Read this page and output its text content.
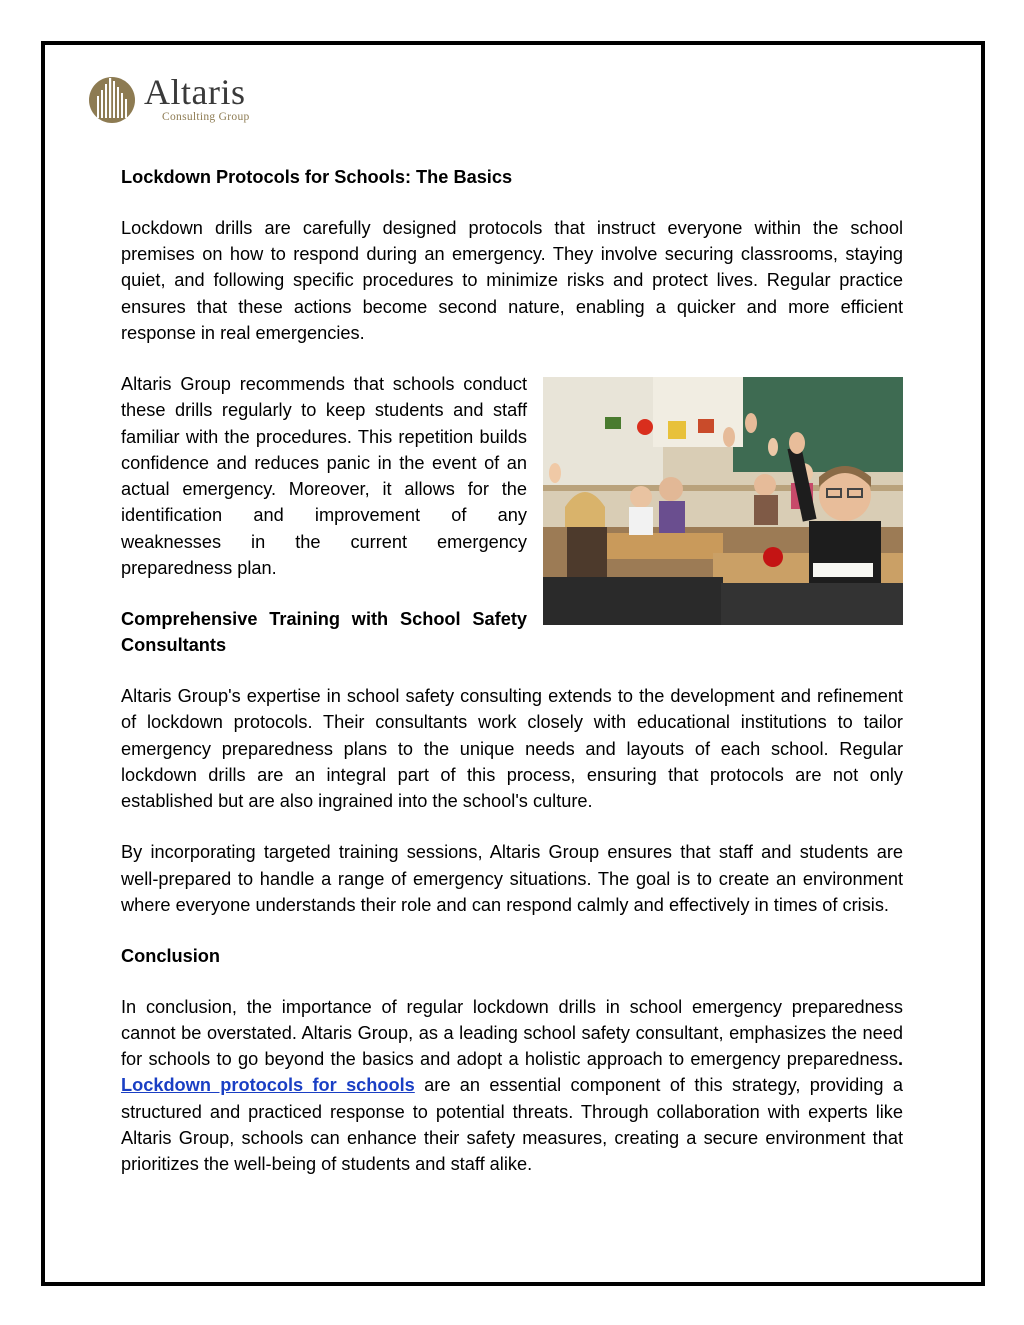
Altaris
Consulting Group
Lockdown Protocols for Schools: The Basics

Lockdown drills are carefully designed protocols that instruct everyone within the school premises on how to respond during an emergency. They involve securing classrooms, staying quiet, and following specific procedures to minimize risks and protect lives. Regular practice ensures that these actions become second nature, enabling a quicker and more efficient response in real emergencies.

Altaris Group recommends that schools conduct these drills regularly to keep students and staff familiar with the procedures. This repetition builds confidence and reduces panic in the event of an actual emergency. Moreover, it allows for the identification and improvement of any weaknesses in the current emergency preparedness plan.

Comprehensive Training with School Safety Consultants

Altaris Group's expertise in school safety consulting extends to the development and refinement of lockdown protocols. Their consultants work closely with educational institutions to tailor emergency preparedness plans to the unique needs and layouts of each school. Regular lockdown drills are an integral part of this process, ensuring that protocols are not only established but are also ingrained into the school's culture.

By incorporating targeted training sessions, Altaris Group ensures that staff and students are well-prepared to handle a range of emergency situations. The goal is to create an environment where everyone understands their role and can respond calmly and effectively in times of crisis.

Conclusion

In conclusion, the importance of regular lockdown drills in school emergency preparedness cannot be overstated. Altaris Group, as a leading school safety consultant, emphasizes the need for schools to go beyond the basics and adopt a holistic approach to emergency preparedness. Lockdown protocols for schools are an essential component of this strategy, providing a structured and practiced response to potential threats. Through collaboration with experts like Altaris Group, schools can enhance their safety measures, creating a secure environment that prioritizes the well-being of students and staff alike.
